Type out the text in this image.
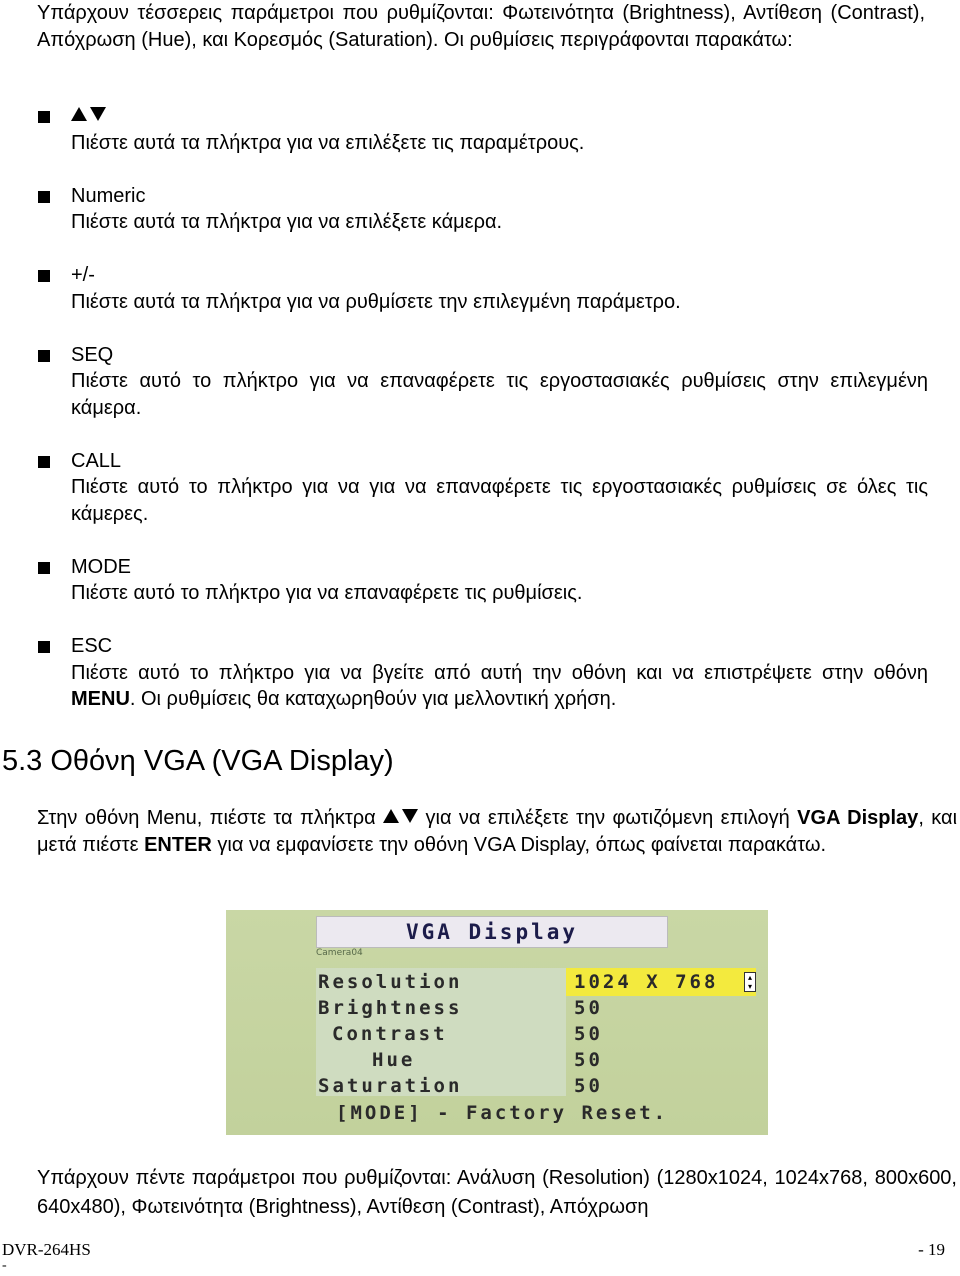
Υπάρχουν τέσσερεις παράμετροι που ρυθμίζονται: Φωτεινότητα (Brightness), Αντίθεση (Contrast), Απόχρωση (Hue), και Κορεσμός (Saturation). Οι ρυθμίσεις περιγράφονται παρακάτω:
Πιέστε αυτά τα πλήκτρα για να επιλέξετε τις παραμέτρους.
Numeric
Πιέστε αυτά τα πλήκτρα για να επιλέξετε κάμερα.
+/-
Πιέστε αυτά τα πλήκτρα για να ρυθμίσετε την επιλεγμένη παράμετρο.
SEQ
Πιέστε αυτό το πλήκτρο για να επαναφέρετε τις εργοστασιακές ρυθμίσεις στην επιλεγμένη κάμερα.
CALL
Πιέστε αυτό το πλήκτρο για να για να επαναφέρετε τις εργοστασιακές ρυθμίσεις σε όλες τις κάμερες.
MODE
Πιέστε αυτό το πλήκτρο για να επαναφέρετε τις ρυθμίσεις.
ESC
Πιέστε αυτό το πλήκτρο για να βγείτε από αυτή την οθόνη και να επιστρέψετε στην οθόνη MENU. Οι ρυθμίσεις θα καταχωρηθούν για μελλοντική χρήση.
5.3 Οθόνη VGA (VGA Display)
Στην οθόνη Menu, πιέστε τα πλήκτρα  για να επιλέξετε την φωτιζόμενη επιλογή VGA Display, και μετά πιέστε ENTER για να εμφανίσετε την οθόνη VGA Display, όπως φαίνεται παρακάτω.
VGA Display
Camera04
▴
▾
Resolution	1024 X 768
Brightness	50
Contrast	50
Hue	50
Saturation	50
[MODE] - Factory Reset.
Υπάρχουν πέντε παράμετροι που ρυθμίζονται: Ανάλυση (Resolution) (1280x1024, 1024x768, 800x600, 640x480), Φωτεινότητα (Brightness), Αντίθεση (Contrast), Απόχρωση
DVR-264HS	- 19
-
